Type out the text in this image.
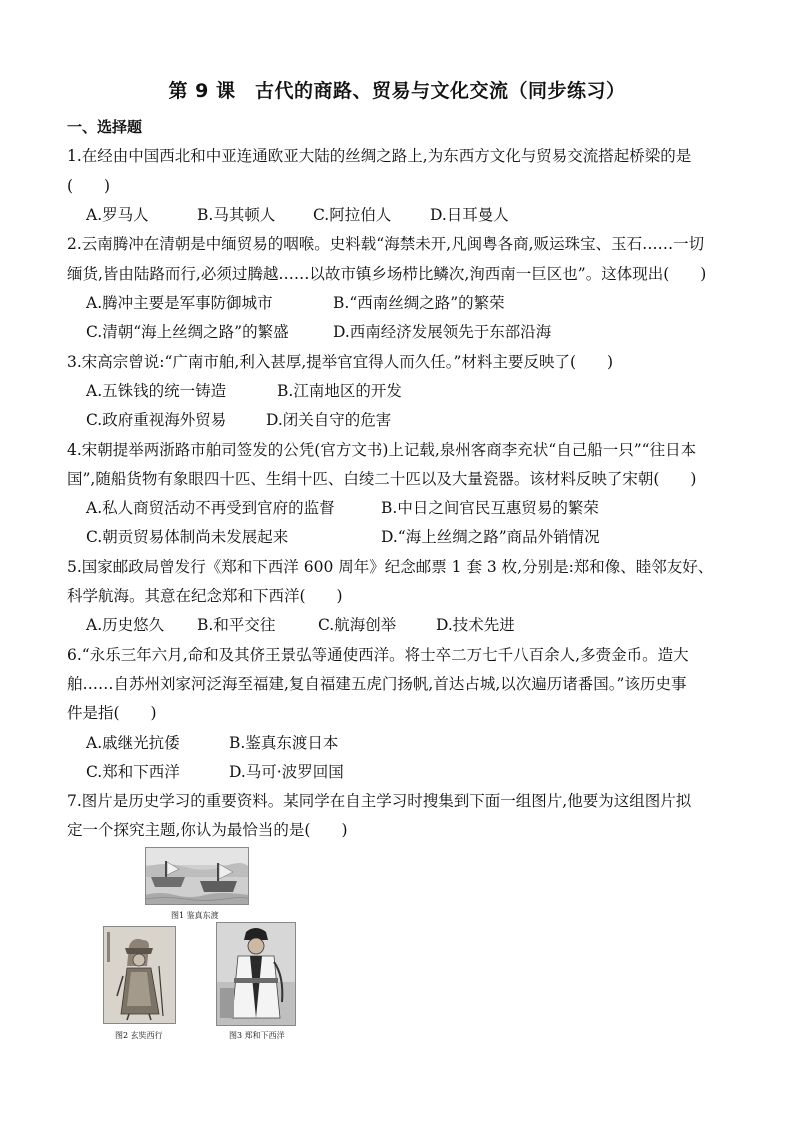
第 9 课　古代的商路、贸易与文化交流（同步练习）
一、选择题
1.在经由中国西北和中亚连通欧亚大陆的丝绸之路上,为东西方文化与贸易交流搭起桥梁的是
(　　)
A.罗马人	B.马其顿人 C.阿拉伯人	D.日耳曼人
2.云南腾冲在清朝是中缅贸易的咽喉。史料载“海禁未开,凡闽粤各商,贩运珠宝、玉石……一切
缅货,皆由陆路而行,必须过腾越……以故市镇乡场栉比鳞次,洵西南一巨区也”。这体现出(　　)
A.腾冲主要是军事防御城市	B.“西南丝绸之路”的繁荣
C.清朝“海上丝绸之路”的繁盛	D.西南经济发展领先于东部沿海
3.宋高宗曾说:“广南市舶,利入甚厚,提举官宜得人而久任。”材料主要反映了(　　)
A.五铢钱的统一铸造	B.江南地区的开发
C.政府重视海外贸易	D.闭关自守的危害
4.宋朝提举两浙路市舶司签发的公凭(官方文书)上记载,泉州客商李充状“自己船一只”“往日本
国”,随船货物有象眼四十匹、生绢十匹、白绫二十匹以及大量瓷器。该材料反映了宋朝(　　)
A.私人商贸活动不再受到官府的监督	B.中日之间官民互惠贸易的繁荣
C.朝贡贸易体制尚未发展起来	D.“海上丝绸之路”商品外销情况
5.国家邮政局曾发行《郑和下西洋 600 周年》纪念邮票 1 套 3 枚,分别是:郑和像、睦邻友好、
科学航海。其意在纪念郑和下西洋(　　)
A.历史悠久 B.和平交往	C.航海创举	D.技术先进
6.“永乐三年六月,命和及其侪王景弘等通使西洋。将士卒二万七千八百余人,多赍金币。造大
舶……自苏州刘家河泛海至福建,复自福建五虎门扬帆,首达占城,以次遍历诸番国。”该历史事
件是指(　　)
A.戚继光抗倭	B.鉴真东渡日本
C.郑和下西洋	D.马可·波罗回国
7.图片是历史学习的重要资料。某同学在自主学习时搜集到下面一组图片,他要为这组图片拟
定一个探究主题,你认为最恰当的是(　　)
图1 鉴真东渡
图2 玄奘西行	图3 郑和下西洋
